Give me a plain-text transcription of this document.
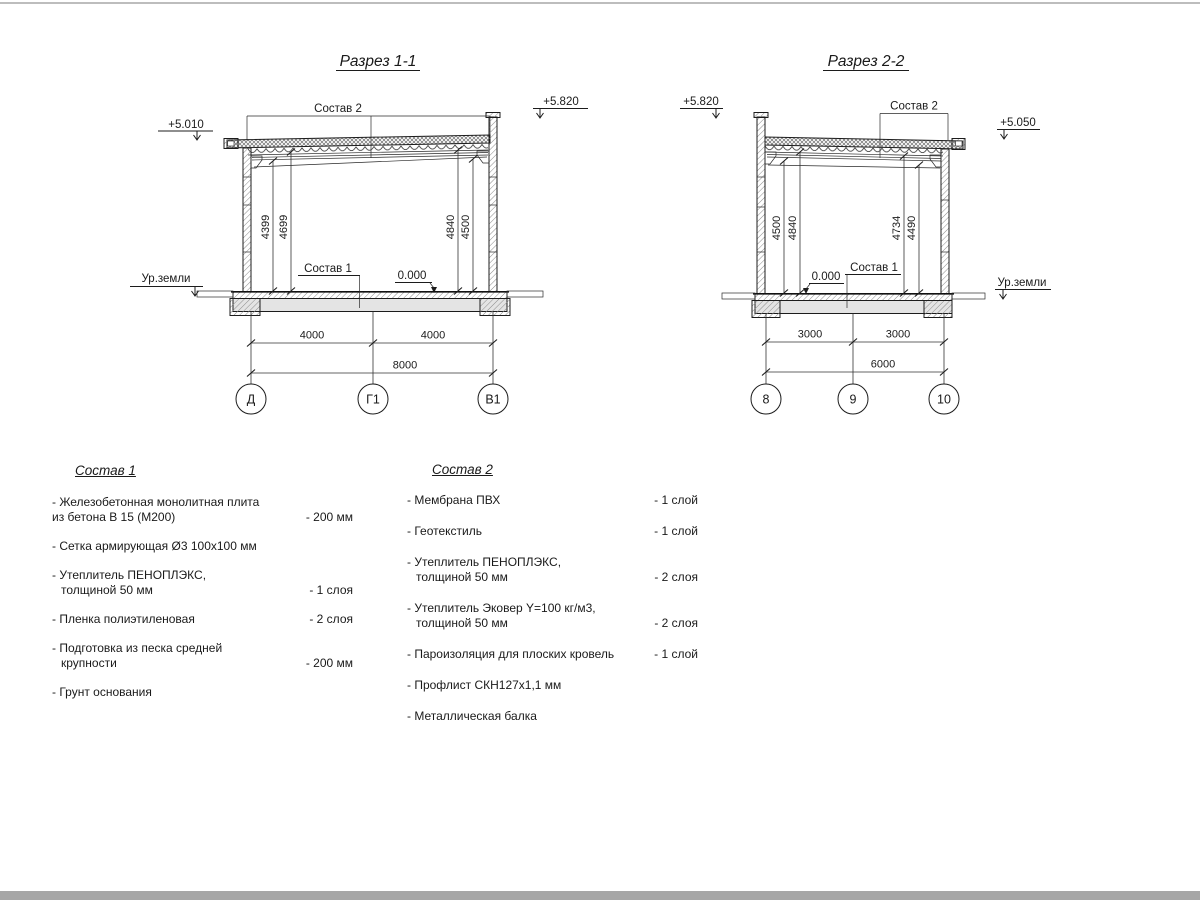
Разрез 1-1
Состав 2
+5.010
+5.820
Ур.земли	0.000
Состав 1
4399 4699	4840 4500
4000	4000
8000
Д	Г1	В1
Разрез 2-2
Состав 2
+5.820
+5.050
Ур.земли
0.000
Состав 1
4500 4840	4734 4490
3000	3000
6000
8	9	10
Состав 1
- Железобетонная монолитная плита
из бетона В 15 (М200)	- 200 мм
- Сетка армирующая Ø3 100х100 мм
- Утеплитель ПЕНОПЛЭКС,
толщиной 50 мм	- 1 слоя
- Пленка полиэтиленовая	- 2 слоя
- Подготовка из песка средней
крупности	- 200 мм
- Грунт основания
Состав 2
- Мембрана ПВХ	- 1 слой
- Геотекстиль	- 1 слой
- Утеплитель ПЕНОПЛЭКС,
толщиной 50 мм	- 2 слоя
- Утеплитель Эковер Y=100 кг/м3,
толщиной 50 мм	- 2 слоя
- Пароизоляция для плоских кровель	- 1 слой
- Профлист СКН127х1,1 мм
- Металлическая балка
